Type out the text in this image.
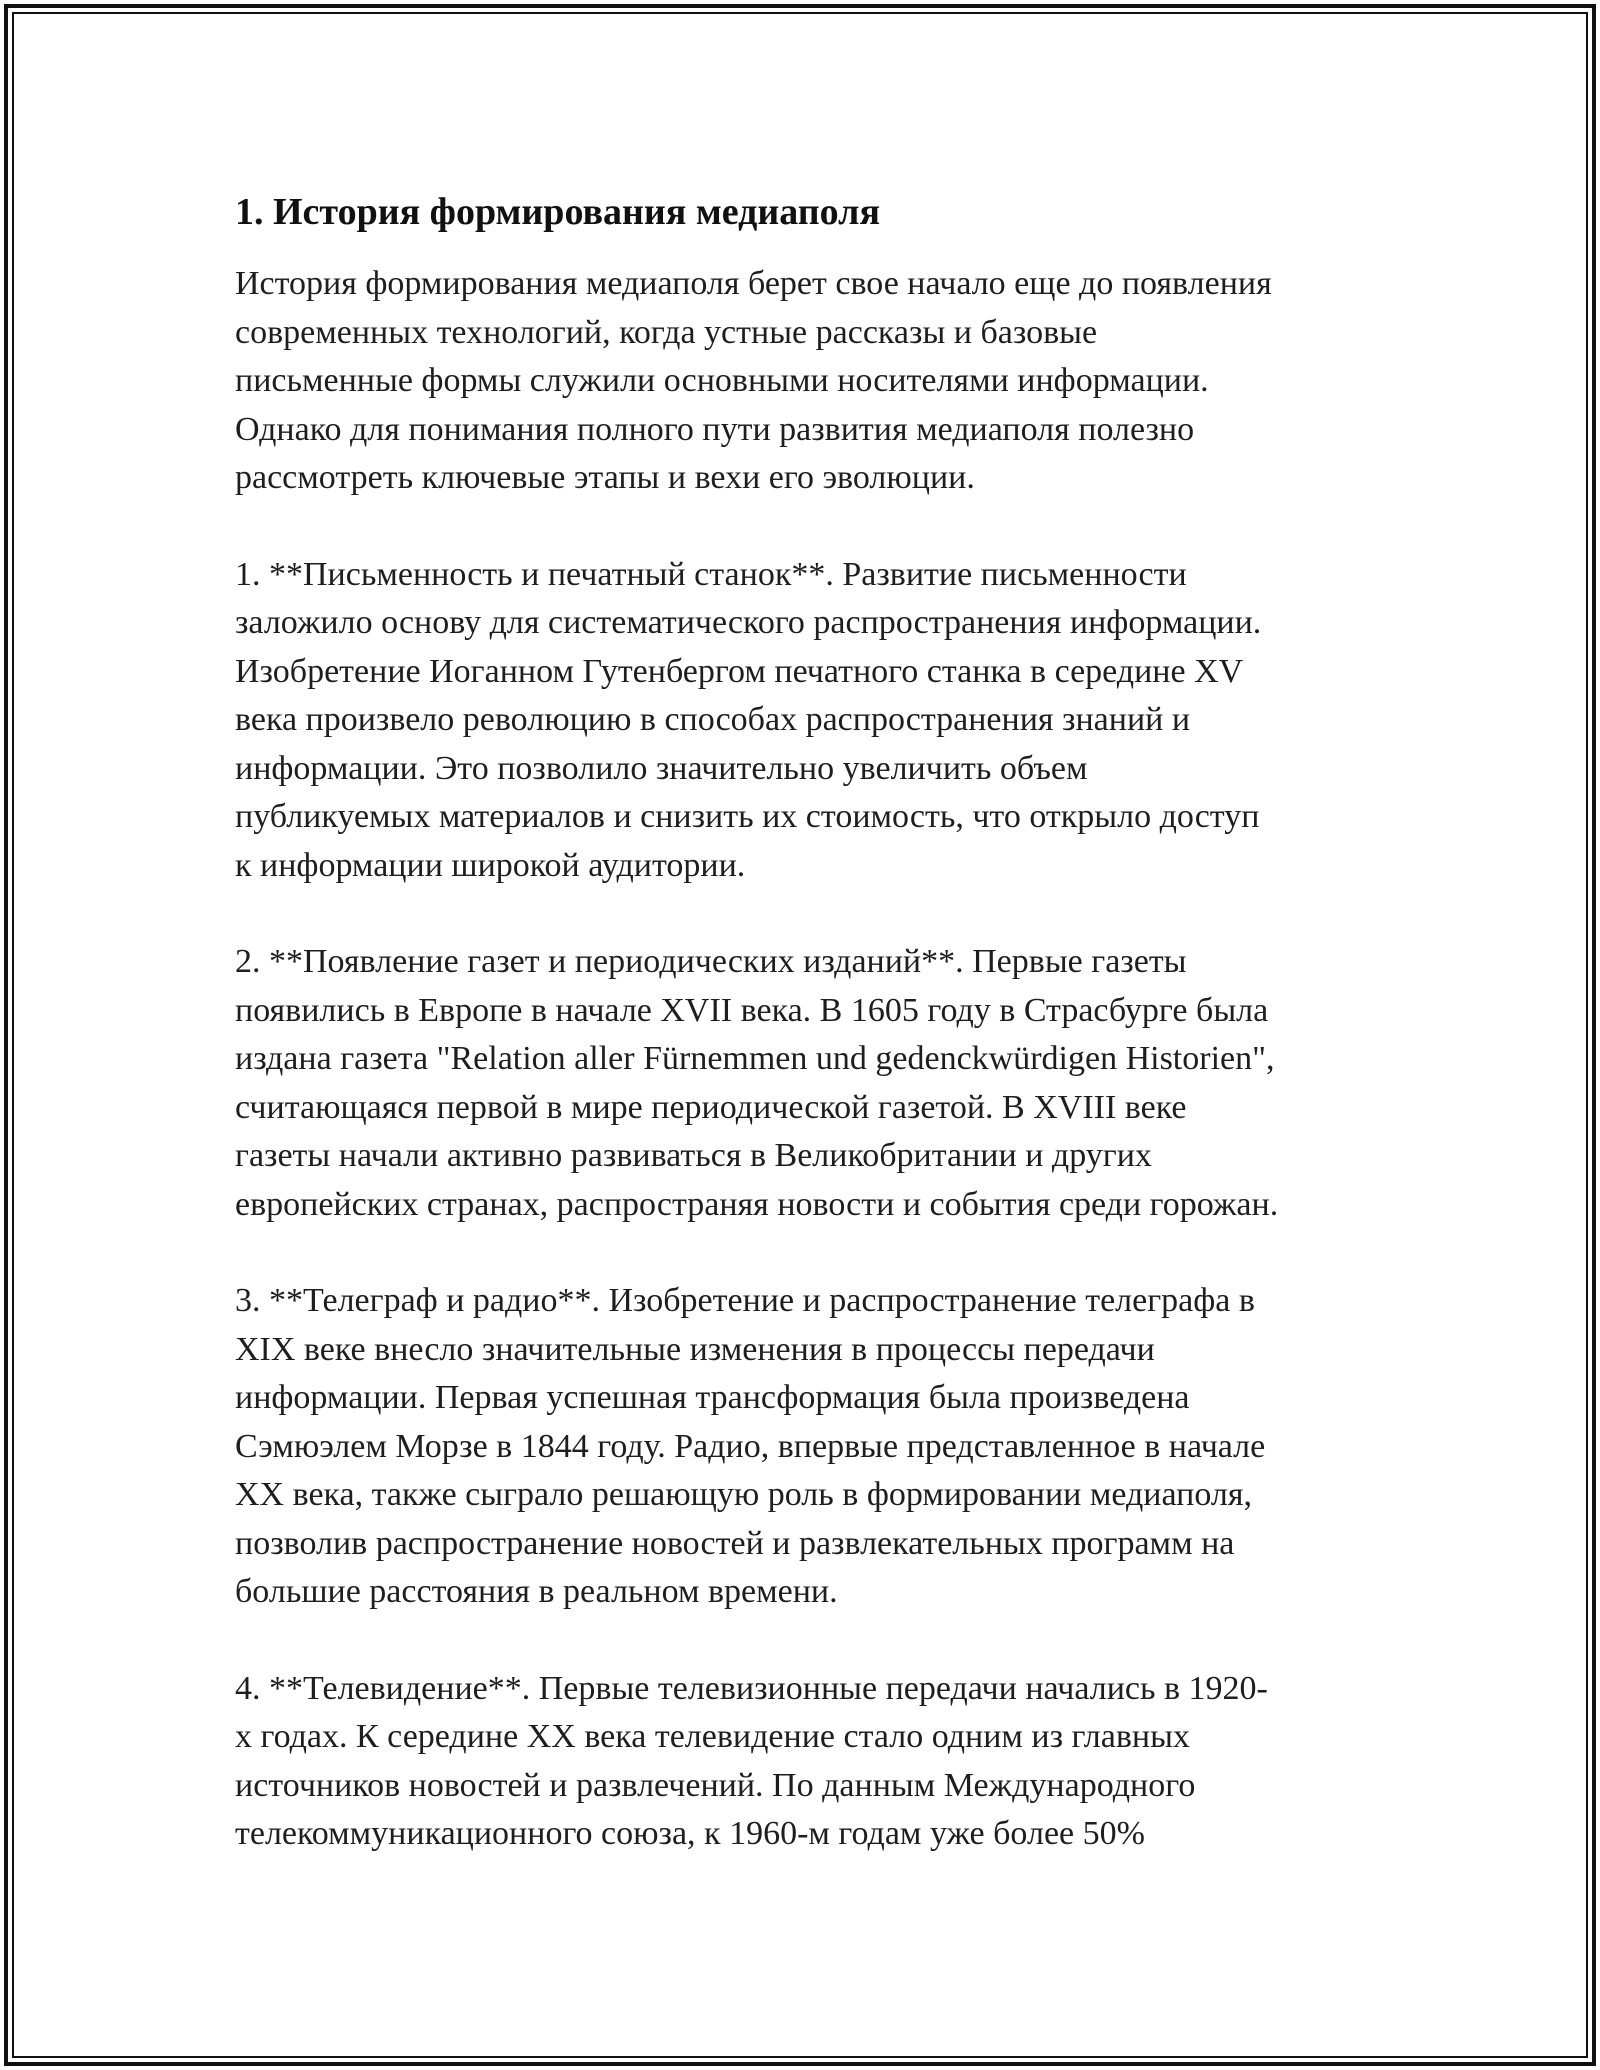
1. История формирования медиаполя

История формирования медиаполя берет свое начало еще до появления
современных технологий, когда устные рассказы и базовые
письменные формы служили основными носителями информации.
Однако для понимания полного пути развития медиаполя полезно
рассмотреть ключевые этапы и вехи его эволюции.

1. **Письменность и печатный станок**. Развитие письменности
заложило основу для систематического распространения информации.
Изобретение Иоганном Гутенбергом печатного станка в середине XV
века произвело революцию в способах распространения знаний и
информации. Это позволило значительно увеличить объем
публикуемых материалов и снизить их стоимость, что открыло доступ
к информации широкой аудитории.

2. **Появление газет и периодических изданий**. Первые газеты
появились в Европе в начале XVII века. В 1605 году в Страсбурге была
издана газета "Relation aller Fürnemmen und gedenckwürdigen Historien",
считающаяся первой в мире периодической газетой. В XVIII веке
газеты начали активно развиваться в Великобритании и других
европейских странах, распространяя новости и события среди горожан.

3. **Телеграф и радио**. Изобретение и распространение телеграфа в
XIX веке внесло значительные изменения в процессы передачи
информации. Первая успешная трансформация была произведена
Сэмюэлем Морзе в 1844 году. Радио, впервые представленное в начале
XX века, также сыграло решающую роль в формировании медиаполя,
позволив распространение новостей и развлекательных программ на
большие расстояния в реальном времени.

4. **Телевидение**. Первые телевизионные передачи начались в 1920-
х годах. К середине XX века телевидение стало одним из главных
источников новостей и развлечений. По данным Международного
телекоммуникационного союза, к 1960-м годам уже более 50%
